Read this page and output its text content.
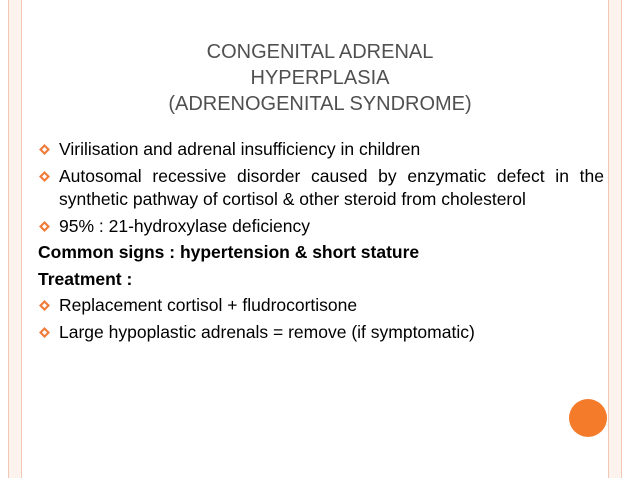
CONGENITAL ADRENAL
HYPERPLASIA
(ADRENOGENITAL SYNDROME)
Virilisation and adrenal insufficiency in children
Autosomal recessive disorder caused by enzymatic defect in the synthetic pathway of cortisol & other steroid from cholesterol
95% : 21-hydroxylase deficiency
Common signs : hypertension & short stature
Treatment :
Replacement cortisol + fludrocortisone
Large hypoplastic adrenals = remove (if symptomatic)
